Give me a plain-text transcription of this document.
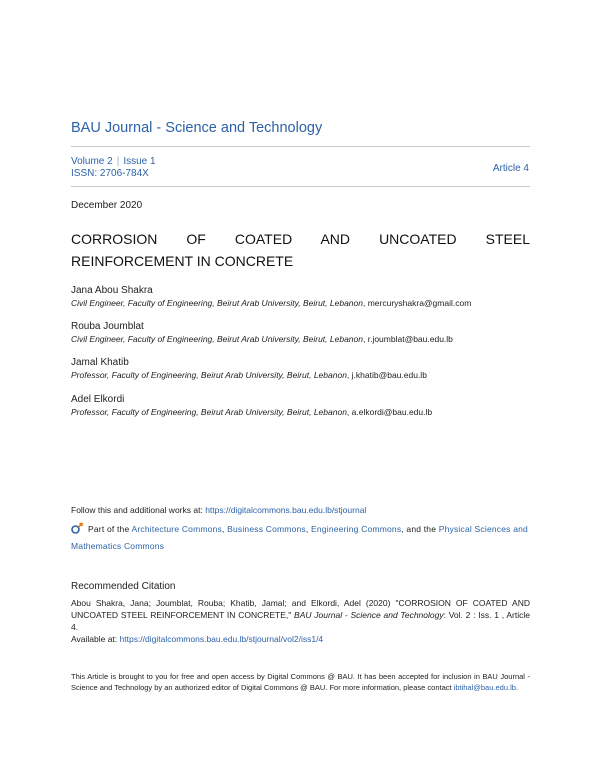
BAU Journal - Science and Technology
Volume 2 | Issue 1
ISSN: 2706-784X	Article 4
December 2020
CORROSION OF COATED AND UNCOATED STEEL
REINFORCEMENT IN CONCRETE
Jana Abou Shakra
Civil Engineer, Faculty of Engineering, Beirut Arab University, Beirut, Lebanon, mercuryshakra@gmail.com
Rouba Joumblat
Civil Engineer, Faculty of Engineering, Beirut Arab University, Beirut, Lebanon, r.joumblat@bau.edu.lb
Jamal Khatib
Professor, Faculty of Engineering, Beirut Arab University, Beirut, Lebanon, j.khatib@bau.edu.lb
Adel Elkordi
Professor, Faculty of Engineering, Beirut Arab University, Beirut, Lebanon, a.elkordi@bau.edu.lb
Follow this and additional works at: https://digitalcommons.bau.edu.lb/stjournal
Part of the Architecture Commons, Business Commons, Engineering Commons, and the Physical Sciences and Mathematics Commons
Recommended Citation
Abou Shakra, Jana; Joumblat, Rouba; Khatib, Jamal; and Elkordi, Adel (2020) "CORROSION OF COATED AND UNCOATED STEEL REINFORCEMENT IN CONCRETE," BAU Journal - Science and Technology: Vol. 2 : Iss. 1 , Article 4.
Available at: https://digitalcommons.bau.edu.lb/stjournal/vol2/iss1/4
This Article is brought to you for free and open access by Digital Commons @ BAU. It has been accepted for inclusion in BAU Journal - Science and Technology by an authorized editor of Digital Commons @ BAU. For more information, please contact ibtihal@bau.edu.lb.
